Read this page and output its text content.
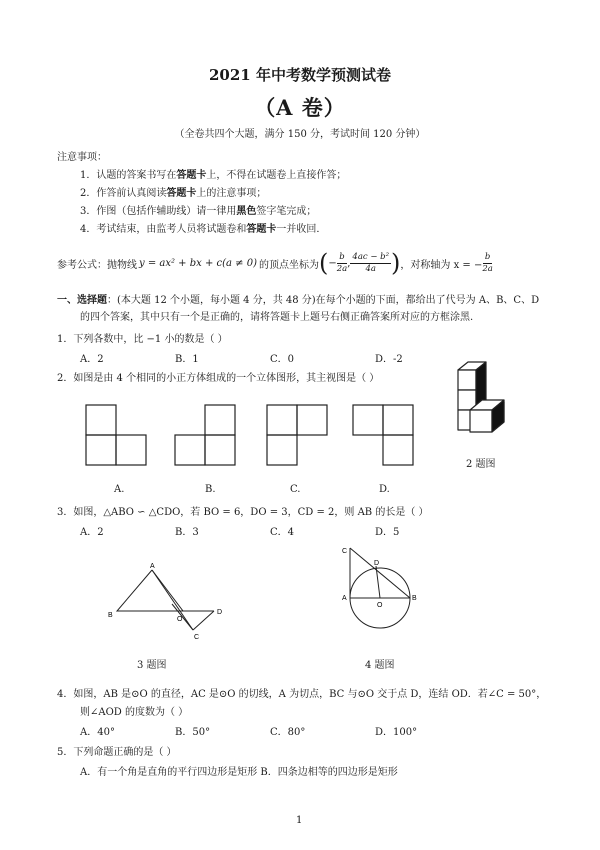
2021 年中考数学预测试卷
（A 卷）
（全卷共四个大题，满分 150 分，考试时间 120 分钟）
注意事项：
1．认题的答案书写在答题卡上，不得在试题卷上直接作答；
2．作答前认真阅读答题卡上的注意事项；
3．作图（包括作辅助线）请一律用黑色签字笔完成；
4．考试结束，由监考人员将试题卷和答题卡一并收回．
参考公式：抛物线 y = ax² + bx + c(a ≠ 0) 的顶点坐标为 ( − $\frac{b}{2a}$ , $\frac{\text{4ac − b²}}{4a}$ ) ，对称轴为 x = − $\frac{b}{2a}$
一、选择题：(本大题 12 个小题，每小题 4 分，共 48 分)在每个小题的下面，都给出了代号为 A、B、C、D
的四个答案，其中只有一个是正确的，请将答题卡上题号右侧正确答案所对应的方框涂黑.
1．下列各数中，比 −1 小的数是（ ）
A．2	B．1	C．0	D．-2
2．如图是由 4 个相同的小正方体组成的一个立体图形，其主视图是（ ）
A
B
O
D
C
C
D
A
O
B
A.	B.	C.	D.
2 题图
3．如图，△ABO ∽ △CDO，若 BO = 6，DO = 3，CD = 2，则 AB 的长是（ ）
A．2	B．3	C．4	D．5
3 题图	4 题图
4．如图，AB 是⊙O 的直径，AC 是⊙O 的切线，A 为切点，BC 与⊙O 交于点 D，连结 OD．若∠C = 50°，
则∠AOD 的度数为（ ）
A．40°	B．50°	C．80°	D．100°
5．下列命题正确的是（ ）
A．有一个角是直角的平行四边形是矩形 B．四条边相等的四边形是矩形
1
